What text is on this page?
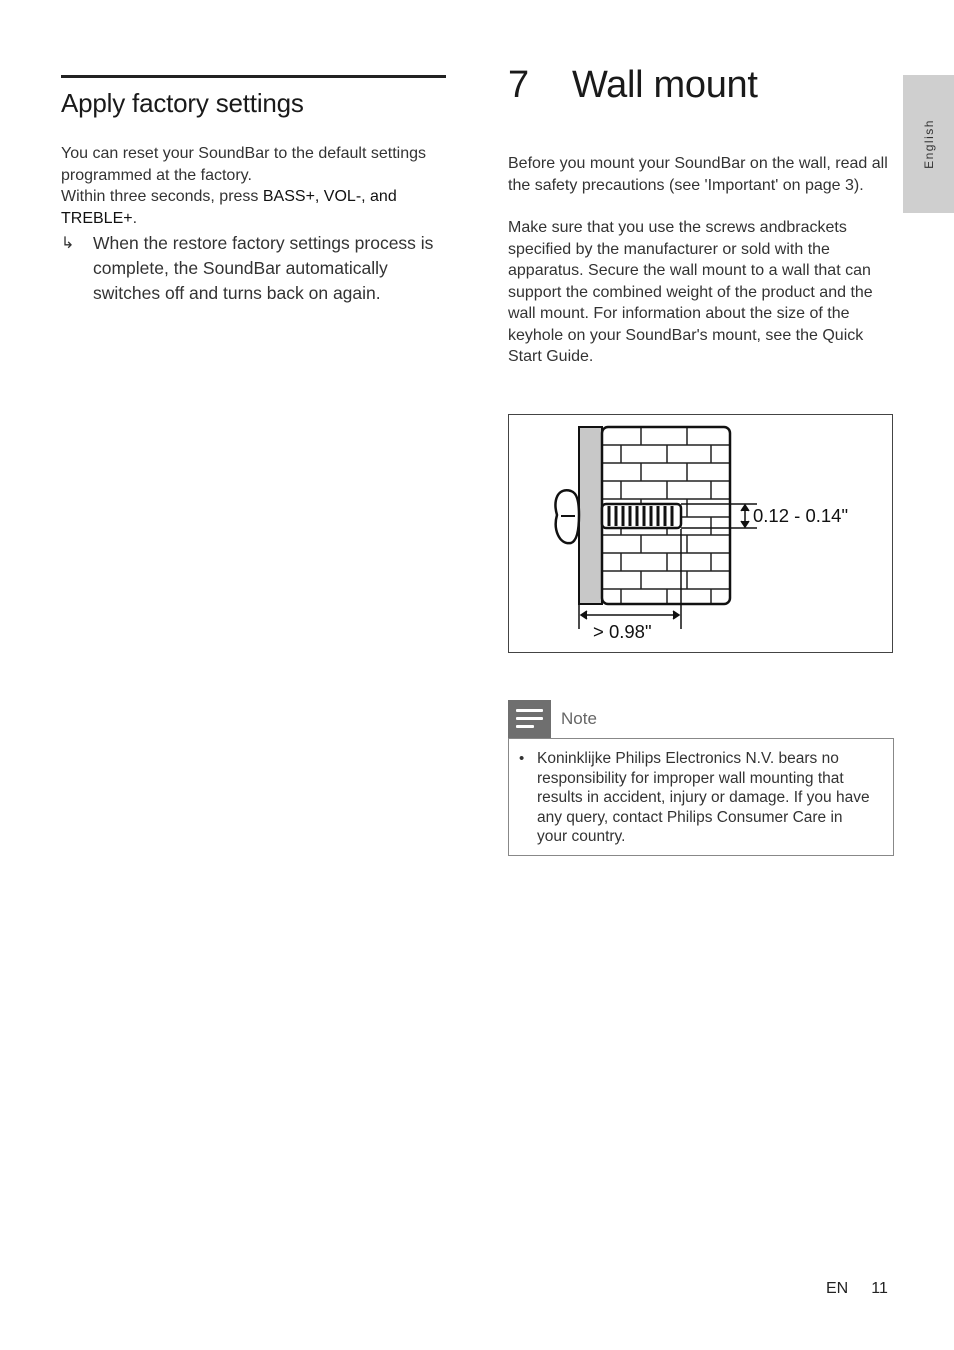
Apply factory settings

You can reset your SoundBar to the default settings programmed at the factory.
Within three seconds, press BASS+, VOL-, and TREBLE+.

↳	When the restore factory settings process is complete, the SoundBar automatically switches off and turns back on again.
7	Wall mount

Before you mount your SoundBar on the wall, read all the safety precautions (see 'Important' on page 3).

Make sure that you use the screws andbrackets specified by the manufacturer or sold with the apparatus. Secure the wall mount to a wall that can support the combined weight of the product and the wall mount. For information about the size of the keyhole on your SoundBar's mount, see the Quick Start Guide.

0.12 - 0.14"
> 0.98"
Note
• Koninklijke Philips Electronics N.V. bears no responsibility for improper wall mounting that results in accident, injury or damage. If you have any query, contact Philips Consumer Care in your country.
English
EN 11
